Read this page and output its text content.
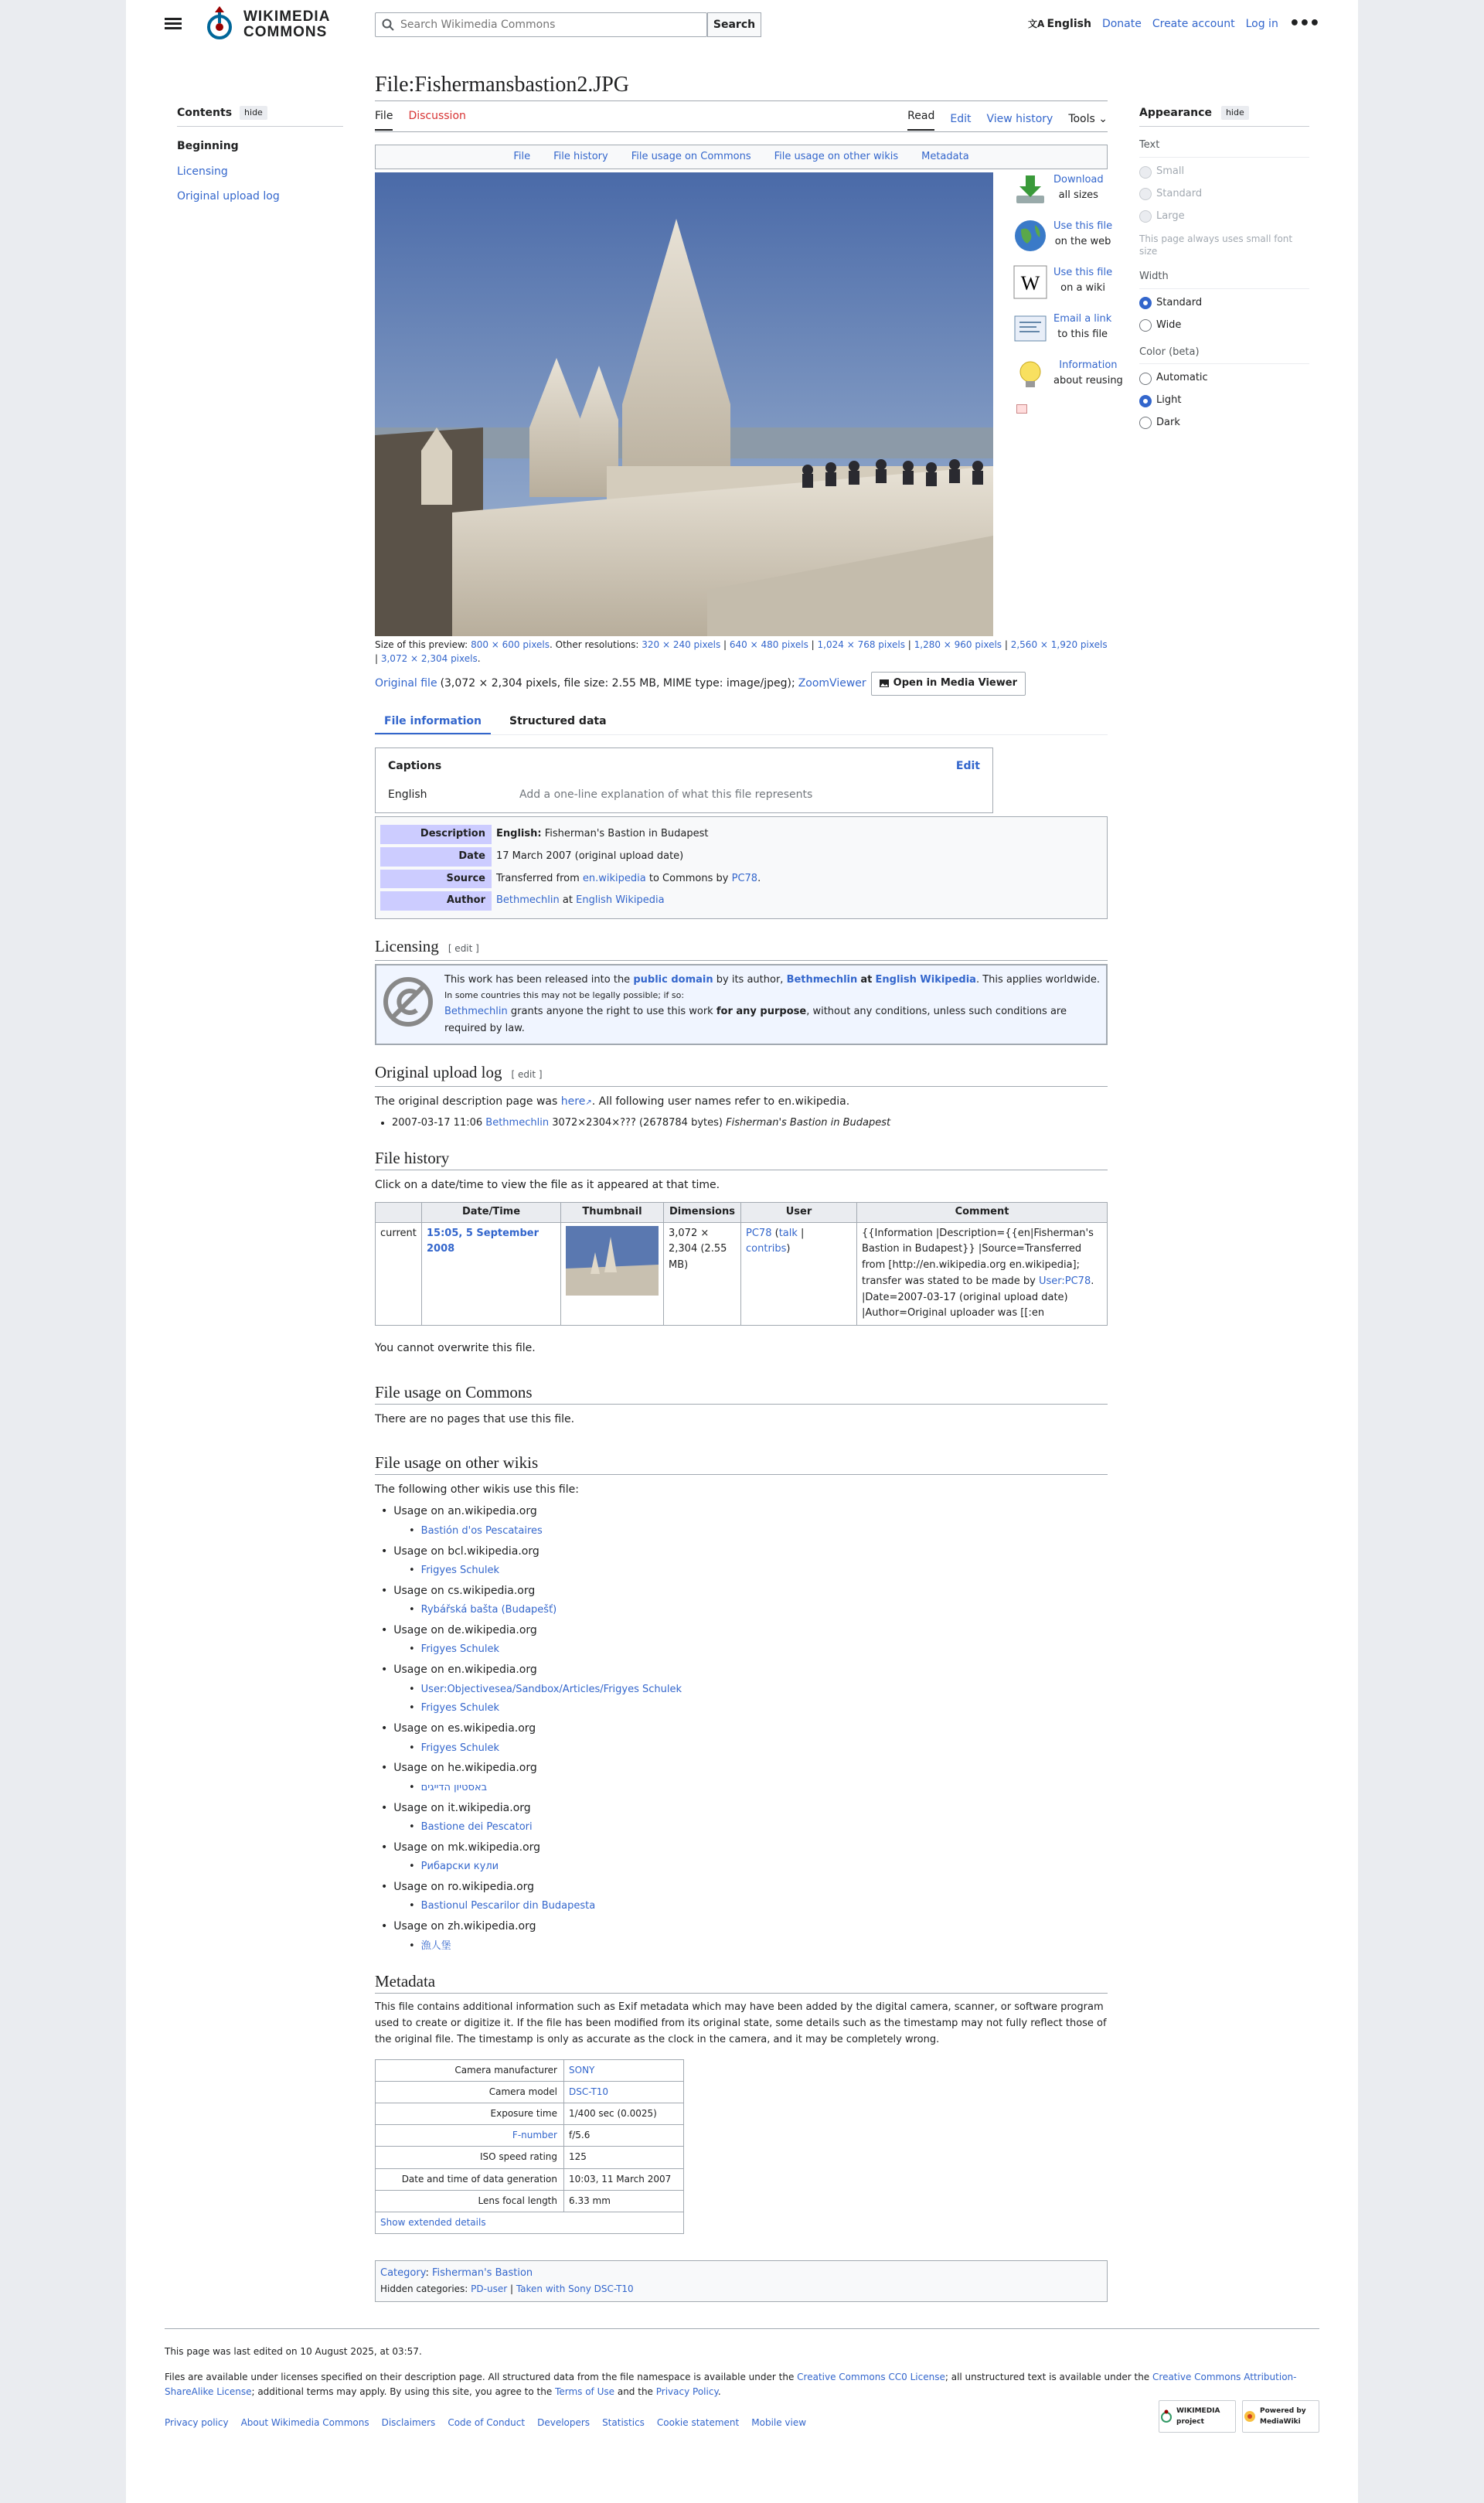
WIKIMEDIA
COMMONS
Search Wikimedia Commons	Search	文A English Donate Create account Log in •••
Contents	hide
Beginning
Licensing
Original upload log
Appearance	hide
Text
Small
Standard
Large
This page always uses small font size
Width
Standard
Wide
Color (beta)
Automatic
Light
Dark
File:Fishermansbastion2.JPG
File Discussion	Read Edit View history Tools ⌄
File File history File usage on Commons File usage on other wikis Metadata
Download
all sizes
Use this file
on the web
W Use this file
on a wiki
Email a link
to this file
Information
about reusing
Size of this preview: 800 × 600 pixels. Other resolutions: 320 × 240 pixels | 640 × 480 pixels | 1,024 × 768 pixels | 1,280 × 960 pixels | 2,560 × 1,920 pixels | 3,072 × 2,304 pixels.
Original file (3,072 × 2,304 pixels, file size: 2.55 MB, MIME type: image/jpeg); ZoomViewer	Open in Media Viewer
File information	Structured data
Captions	Edit
English	Add a one-line explanation of what this file represents
Description	English: Fisherman's Bastion in Budapest
Date	17 March 2007 (original upload date)
Source	Transferred from en.wikipedia to Commons by PC78.
Author	Bethmechlin at English Wikipedia
Licensing [ edit ]
This work has been released into the public domain by its author, Bethmechlin at English Wikipedia. This applies worldwide.
In some countries this may not be legally possible; if so:
Bethmechlin grants anyone the right to use this work for any purpose, without any conditions, unless such conditions are required by law.
Original upload log [ edit ]

The original description page was here↗. All following user names refer to en.wikipedia.

• 2007-03-17 11:06 Bethmechlin 3072×2304×??? (2678784 bytes) Fisherman's Bastion in Budapest
File history

Click on a date/time to view the file as it appeared at that time.

	Date/Time	Thumbnail	Dimensions	User	Comment
current	15:05, 5 September 2008		3,072 × 2,304 (2.55 MB)	PC78 (talk | contribs)	{{Information |Description={{en|Fisherman's Bastion in Budapest}} |Source=Transferred from [http://en.wikipedia.org en.wikipedia]; transfer was stated to be made by User:PC78. |Date=2007-03-17 (original upload date) |Author=Original uploader was [[:en

You cannot overwrite this file.

File usage on Commons

There are no pages that use this file.

File usage on other wikis

The following other wikis use this file:

• Usage on an.wikipedia.org
• Bastión d'os Pescataires
• Usage on bcl.wikipedia.org
• Frigyes Schulek
• Usage on cs.wikipedia.org
• Rybářská bašta (Budapešť)
• Usage on de.wikipedia.org
• Frigyes Schulek
• Usage on en.wikipedia.org
• User:Objectivesea/Sandbox/Articles/Frigyes Schulek
• Frigyes Schulek
• Usage on es.wikipedia.org
• Frigyes Schulek
• Usage on he.wikipedia.org
• באסטיון הדייגים
• Usage on it.wikipedia.org
• Bastione dei Pescatori
• Usage on mk.wikipedia.org
• Рибарски кули
• Usage on ro.wikipedia.org
• Bastionul Pescarilor din Budapesta
• Usage on zh.wikipedia.org
• 漁人堡
Metadata

This file contains additional information such as Exif metadata which may have been added by the digital camera, scanner, or software program used to create or digitize it. If the file has been modified from its original state, some details such as the timestamp may not fully reflect those of the original file. The timestamp is only as accurate as the clock in the camera, and it may be completely wrong.

Camera manufacturer	SONY
Camera model	DSC-T10
Exposure time	1/400 sec (0.0025)
F-number	f/5.6
ISO speed rating	125
Date and time of data generation	10:03, 11 March 2007
Lens focal length	6.33 mm
Show extended details	
Category: Fisherman's Bastion
Hidden categories: PD-user | Taken with Sony DSC-T10
This page was last edited on 10 August 2025, at 03:57.
Files are available under licenses specified on their description page. All structured data from the file namespace is available under the Creative Commons CC0 License; all unstructured text is available under the Creative Commons Attribution-ShareAlike License; additional terms may apply. By using this site, you agree to the Terms of Use and the Privacy Policy.
Privacy policy About Wikimedia Commons Disclaimers Code of Conduct Developers Statistics Cookie statement Mobile view
WIKIMEDIA project
Powered by MediaWiki
